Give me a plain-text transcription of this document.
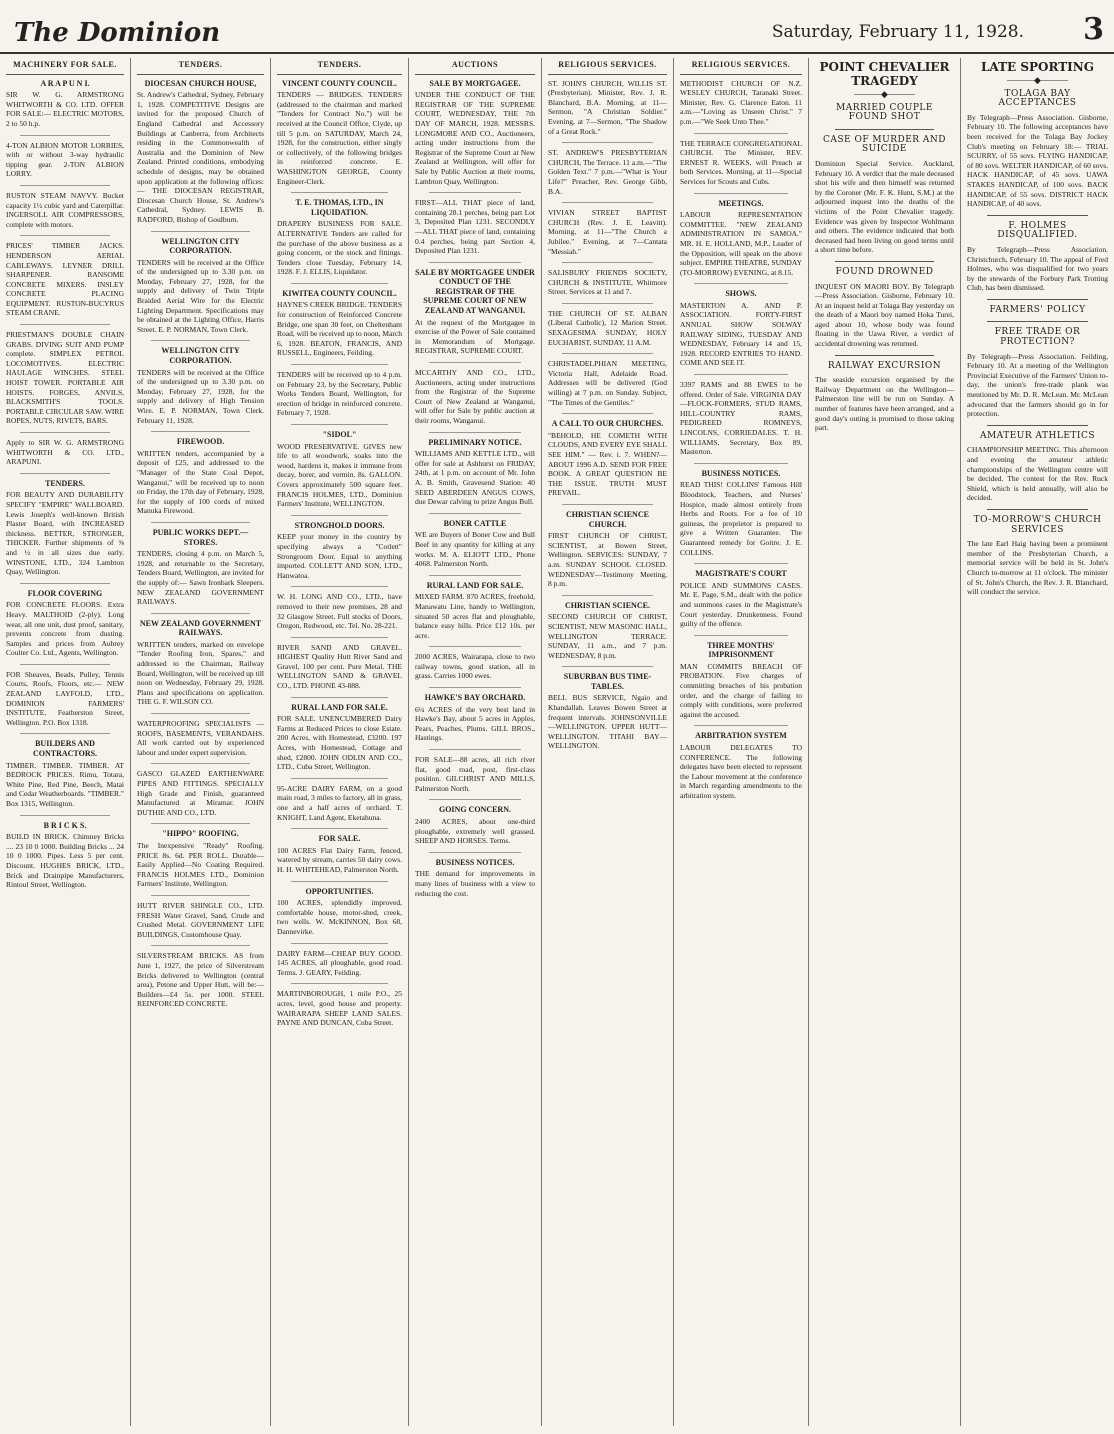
The Dominion	Saturday, February 11, 1928. 3
MACHINERY FOR SALE.
A R A P U N I.

SIR W. G. ARMSTRONG WHITWORTH & CO. LTD. OFFER FOR SALE:— ELECTRIC MOTORS, 2 to 50 h.p.

4-TON ALBION MOTOR LORRIES, with or without 3-way hydraulic tipping gear. 2-TON ALBION LORRY.

RUSTON STEAM NAVVY. Bucket capacity 1½ cubic yard and Caterpillar. INGERSOLL AIR COMPRESSORS, complete with motors.

PRICES' TIMBER JACKS. HENDERSON AERIAL CABLEWAYS. LEYNER DRILL SHARPENER. RANSOME CONCRETE MIXERS. INSLEY CONCRETE PLACING EQUIPMENT. RUSTON-BUCYRUS STEAM CRANE.

PRIESTMAN'S DOUBLE CHAIN GRABS. DIVING SUIT AND PUMP complete. SIMPLEX PETROL LOCOMOTIVES. ELECTRIC HAULAGE WINCHES. STEEL HOIST TOWER. PORTABLE AIR HOISTS. FORGES, ANVILS, BLACKSMITH'S TOOLS. PORTABLE CIRCULAR SAW. WIRE ROPES, NUTS, RIVETS, BARS.

Apply to SIR W. G. ARMSTRONG WHITWORTH & CO. LTD., ARAPUNI.

TENDERS.

FOR BEAUTY AND DURABILITY SPECIFY "EMPIRE" WALLBOARD. Lewis Joseph's well-known British Plaster Board, with INCREASED thickness. BETTER, STRONGER, THICKER. Further shipments of ⅜ and ½ in all sizes due early. WINSTONE, LTD., 324 Lambton Quay, Wellington.

FLOOR COVERING

FOR CONCRETE FLOORS. Extra Heavy. MALTHOID (2-ply). Long wear, all one unit, dust proof, sanitary, prevents concrete from dusting. Samples and prices from Aubrey Coulter Co. Ltd., Agents, Wellington.

FOR Sheaves, Beads, Pulley, Tennis Courts, Roofs, Floors, etc.— NEW ZEALAND LAYFOLD, LTD., DOMINION FARMERS' INSTITUTE, Featherston Street, Wellington. P.O. Box 1318.

BUILDERS AND CONTRACTORS.

TIMBER. TIMBER. TIMBER. AT BEDROCK PRICES. Rimu, Totara, White Pine, Red Pine, Beech, Matai and Cedar Weatherboards. "TIMBER." Box 1315, Wellington.

B R I C K S.

BUILD IN BRICK. Chimney Bricks .... 23 10 0 1000. Building Bricks ... 24 10 0 1000. Pipes. Less 5 per cent. Discount. HUGHES BRICK, LTD., Brick and Drainpipe Manufacturers, Rintoul Street, Wellington.

TENDERS.
DIOCESAN CHURCH HOUSE,

St. Andrew's Cathedral, Sydney, February 1, 1928. COMPETITIVE Designs are invited for the proposed Church of England Cathedral and Accessory Buildings at Canberra, from Architects residing in the Commonwealth of Australia and the Dominion of New Zealand. Printed conditions, embodying schedule of designs, may be obtained upon application at the following offices:— THE DIOCESAN REGISTRAR, Diocesan Church House, St. Andrew's Cathedral, Sydney. LEWIS B. RADFORD, Bishop of Goulburn.

WELLINGTON CITY CORPORATION.

TENDERS will be received at the Office of the undersigned up to 3.30 p.m. on Monday, February 27, 1928, for the supply and delivery of Twin Triple Braided Aerial Wire for the Electric Lighting Department. Specifications may be obtained at the Lighting Office, Harris Street. E. P. NORMAN, Town Clerk.

WELLINGTON CITY CORPORATION.

TENDERS will be received at the Office of the undersigned up to 3.30 p.m. on Monday, February 27, 1928, for the supply and delivery of High Tension Wire. E. P. NORMAN, Town Clerk. February 11, 1928.

FIREWOOD.

WRITTEN tenders, accompanied by a deposit of £25, and addressed to the "Manager of the State Coal Depot, Wanganui," will be received up to noon on Friday, the 17th day of February, 1928, for the supply of 100 cords of mixed Manuka Firewood.

PUBLIC WORKS DEPT.—STORES.

TENDERS, closing 4 p.m. on March 5, 1928, and returnable to the Secretary, Tenders Board, Wellington, are invited for the supply of:— Sawn Ironbark Sleepers. NEW ZEALAND GOVERNMENT RAILWAYS.

NEW ZEALAND GOVERNMENT RAILWAYS.

WRITTEN tenders, marked on envelope "Tender Roofing Iron, Spares," and addressed to the Chairman, Railway Board, Wellington, will be received up till noon on Wednesday, February 29, 1928. Plans and specifications on application. THE G. F. WILSON CO.

WATERPROOFING SPECIALISTS — ROOFS, BASEMENTS, VERANDAHS. All work carried out by experienced labour and under expert supervision.

GASCO GLAZED EARTHENWARE PIPES AND FITTINGS. SPECIALLY High Grade and Finish, guaranteed Manufactured at Miramar. JOHN DUTHIE AND CO., LTD.

"HIPPO" ROOFING.

The Inexpensive "Ready" Roofing. PRICE 8s. 6d. PER ROLL. Durable—Easily Applied—No Coating Required. FRANCIS HOLMES LTD., Dominion Farmers' Institute, Wellington.

HUTT RIVER SHINGLE CO., LTD. FRESH Water Gravel, Sand, Crude and Crushed Metal. GOVERNMENT LIFE BUILDINGS, Customhouse Quay.

SILVERSTREAM BRICKS. AS from June 1, 1927, the price of Silverstream Bricks delivered to Wellington (central area), Petone and Upper Hutt, will be:— Builders—£4 5s. per 1000. STEEL REINFORCED CONCRETE.

TENDERS.
VINCENT COUNTY COUNCIL.

TENDERS — BRIDGES. TENDERS (addressed to the chairman and marked "Tenders for Contract No.") will be received at the Council Office, Clyde, up till 5 p.m. on SATURDAY, March 24, 1928, for the construction, either singly or collectively, of the following bridges in reinforced concrete. E. WASHINGTON GEORGE, County Engineer-Clerk.

T. E. THOMAS, LTD., IN LIQUIDATION.

DRAPERY BUSINESS FOR SALE. ALTERNATIVE Tenders are called for the purchase of the above business as a going concern, or the stock and fittings. Tenders close Tuesday, February 14, 1928. F. J. ELLIS, Liquidator.

KIWITEA COUNTY COUNCIL.

HAYNE'S CREEK BRIDGE. TENDERS for construction of Reinforced Concrete Bridge, one span 30 feet, on Cheltenham Road, will be received up to noon, March 6, 1928. BEATON, FRANCIS, AND RUSSELL, Engineers, Feilding.

TENDERS will be received up to 4 p.m. on February 23, by the Secretary, Public Works Tenders Board, Wellington, for erection of bridge in reinforced concrete. February 7, 1928.

"SIDOL"

WOOD PRESERVATIVE. GIVES new life to all woodwork, soaks into the wood, hardens it, makes it immune from decay, borer, and vermin. 8s. GALLON. Covers approximately 500 square feet. FRANCIS HOLMES, LTD., Dominion Farmers' Institute, WELLINGTON.

STRONGHOLD DOORS.

KEEP your money in the country by specifying always a "Cotlett" Strongroom Door. Equal to anything imported. COLLETT AND SON, LTD., Hanwatoa.

W. H. LONG AND CO., LTD., have removed to their new premises, 28 and 32 Glasgow Street. Full stocks of Doors, Oregon, Redwood, etc. Tel. No. 28-221.

RIVER SAND AND GRAVEL. HIGHEST Quality Hutt River Sand and Gravel, 100 per cent. Pure Metal. THE WELLINGTON SAND & GRAVEL CO., LTD. PHONE 43-888.

RURAL LAND FOR SALE.

FOR SALE. UNENCUMBERED Dairy Farms at Reduced Prices to close Estate. 200 Acres, with Homestead, £3200. 197 Acres, with Homestead, Cottage and shed, £2800. JOHN ODLIN AND CO., LTD., Cuba Street, Wellington.

95-ACRE DAIRY FARM, on a good main road, 3 miles to factory, all in grass, one and a half acres of orchard. T. KNIGHT, Land Agent, Eketahuna.

FOR SALE.

100 ACRES Flat Dairy Farm, fenced, watered by stream, carries 50 dairy cows. H. H. WHITEHEAD, Palmerston North.

OPPORTUNITIES.

100 ACRES, splendidly improved, comfortable house, motor-shed, creek, two wells. W. McKINNON, Box 68, Dannevirke.

DAIRY FARM—CHEAP BUY GOOD. 145 ACRES, all ploughable, good road. Terms. J. GEARY, Feilding.

MARTINBOROUGH, 1 mile P.O., 25 acres, level, good house and property. WAIRARAPA SHEEP LAND SALES. PAYNE AND DUNCAN, Cuba Street.

AUCTIONS
SALE BY MORTGAGEE.

UNDER THE CONDUCT OF THE REGISTRAR OF THE SUPREME COURT, WEDNESDAY, THE 7th DAY OF MARCH, 1928. MESSRS. LONGMORE AND CO., Auctioneers, acting under instructions from the Registrar of the Supreme Court at New Zealand at Wellington, will offer for Sale by Public Auction at their rooms, Lambton Quay, Wellington.

FIRST—ALL THAT piece of land, containing 28.1 perches, being part Lot 3, Deposited Plan 1231. SECONDLY—ALL THAT piece of land, containing 0.4 perches, being part Section 4, Deposited Plan 1231.

SALE BY MORTGAGEE UNDER CONDUCT OF THE REGISTRAR OF THE SUPREME COURT OF NEW ZEALAND AT WANGANUI.

At the request of the Mortgagee in exercise of the Power of Sale contained in Memorandum of Mortgage. REGISTRAR, SUPREME COURT.

MCCARTHY AND CO., LTD., Auctioneers, acting under instructions from the Registrar of the Supreme Court of New Zealand at Wanganui, will offer for Sale by public auction at their rooms, Wanganui.

PRELIMINARY NOTICE.

WILLIAMS AND KETTLE LTD., will offer for sale at Ashhurst on FRIDAY, 24th, at 1 p.m. on account of Mr. John A. B. Smith, Gravesend Station: 40 SEED ABERDEEN ANGUS COWS, due Dewar calving to prize Angus Bull.

BONER CATTLE

WE are Buyers of Boner Cow and Bull Beef in any quantity for killing at any works. M. A. ELIOTT LTD., Phone 4068. Palmerston North.

RURAL LAND FOR SALE.

MIXED FARM. 870 ACRES, freehold, Manawatu Line, handy to Wellington, situated 50 acres flat and ploughable, balance easy hills. Price £12 10s. per acre.

2000 ACRES, Wairarapa, close to two railway towns, good station, all in grass. Carries 1000 ewes.

HAWKE'S BAY ORCHARD.

6¼ ACRES of the very best land in Hawke's Bay, about 5 acres in Apples, Pears, Peaches, Plums. GILL BROS., Hastings.

FOR SALE—88 acres, all rich river flat, good road, post, first-class position. GILCHRIST AND MILLS, Palmerston North.

GOING CONCERN.

2400 ACRES, about one-third ploughable, extremely well grassed. SHEEP AND HORSES. Terms.

BUSINESS NOTICES.

THE demand for improvements in many lines of business with a view to reducing the cost.

RELIGIOUS SERVICES.

ST. JOHN'S CHURCH, WILLIS ST. (Presbyterian). Minister, Rev. J. R. Blanchard, B.A. Morning, at 11—Sermon, "A Christian Soldier." Evening, at 7—Sermon, "The Shadow of a Great Rock."

ST. ANDREW'S PRESBYTERIAN CHURCH, The Terrace. 11 a.m.—"The Golden Text." 7 p.m.—"What is Your Life?" Preacher, Rev. George Gibb, B.A.

VIVIAN STREET BAPTIST CHURCH (Rev. J. E. Leavitt). Morning, at 11—"The Church a Jubilee." Evening, at 7—Cantata "Messiah."

SALISBURY FRIENDS SOCIETY, CHURCH & INSTITUTE, Whitmore Street. Services at 11 and 7.

THE CHURCH OF ST. ALBAN (Liberal Catholic), 12 Marion Street. SEXAGESIMA SUNDAY, HOLY EUCHARIST, SUNDAY, 11 A.M.

CHRISTADELPHIAN MEETING, Victoria Hall, Adelaide Road. Addresses will be delivered (God willing) at 7 p.m. on Sunday. Subject, "The Times of the Gentiles."

A CALL TO OUR CHURCHES.

"BEHOLD, HE COMETH WITH CLOUDS, AND EVERY EYE SHALL SEE HIM." — Rev. i. 7. WHEN?—ABOUT 1996 A.D. SEND FOR FREE BOOK. A GREAT QUESTION BE THE ISSUE. TRUTH MUST PREVAIL.

CHRISTIAN SCIENCE CHURCH.

FIRST CHURCH OF CHRIST, SCIENTIST, at Bowen Street, Wellington. SERVICES: SUNDAY, 7 a.m. SUNDAY SCHOOL CLOSED. WEDNESDAY—Testimony Meeting, 8 p.m.

CHRISTIAN SCIENCE.

SECOND CHURCH OF CHRIST, SCIENTIST, NEW MASONIC HALL, WELLINGTON TERRACE. SUNDAY, 11 a.m., and 7 p.m. WEDNESDAY, 8 p.m.

SUBURBAN BUS TIME-TABLES.

BELL BUS SERVICE, Ngaio and Khandallah. Leaves Bowen Street at frequent intervals. JOHNSONVILLE—WELLINGTON. UPPER HUTT—WELLINGTON. TITAHI BAY—WELLINGTON.

RELIGIOUS SERVICES.

METHODIST CHURCH OF N.Z. WESLEY CHURCH, Taranaki Street. Minister, Rev. G. Clarence Eaton. 11 a.m.—"Loving as Unseen Christ." 7 p.m.—"We Seek Unto Thee."

THE TERRACE CONGREGATIONAL CHURCH. The Minister, REV. ERNEST R. WEEKS, will Preach at both Services. Morning, at 11—Special Services for Scouts and Cubs.

MEETINGS.

LABOUR REPRESENTATION COMMITTEE. "NEW ZEALAND ADMINISTRATION IN SAMOA." MR. H. E. HOLLAND, M.P., Leader of the Opposition, will speak on the above subject. EMPIRE THEATRE, SUNDAY (TO-MORROW) EVENING, at 8.15.

SHOWS.

MASTERTON A. AND P. ASSOCIATION. FORTY-FIRST ANNUAL SHOW SOLWAY RAILWAY SIDING, TUESDAY AND WEDNESDAY, February 14 and 15, 1928. RECORD ENTRIES TO HAND. COME AND SEE IT.

3397 RAMS and 88 EWES to be offered. Order of Sale. VIRGINIA DAY—FLOCK-FORMERS, STUD RAMS, HILL-COUNTRY RAMS, PEDIGREED ROMNEYS, LINCOLNS, CORRIEDALES. T. H. WILLIAMS, Secretary, Box 89, Masterton.

BUSINESS NOTICES.

READ THIS! COLLINS' Famous Hill Bloodstock, Teachers, and Nurses' Hospice, made almost entirely from Herbs and Roots. For a fee of 10 guineas, the proprietor is prepared to give a Written Guarantee. The Guaranteed remedy for Goitre. J. E. COLLINS.

MAGISTRATE'S COURT

POLICE AND SUMMONS CASES. Mr. E. Page, S.M., dealt with the police and summons cases in the Magistrate's Court yesterday. Drunkenness. Found guilty of the offence.

THREE MONTHS' IMPRISONMENT

MAN COMMITS BREACH OF PROBATION. Five charges of committing breaches of his probation order, and the charge of failing to comply with conditions, were preferred against the accused.

ARBITRATION SYSTEM

LABOUR DELEGATES TO CONFERENCE. The following delegates have been elected to represent the Labour movement at the conference in March regarding amendments to the arbitration system.

POINT CHEVALIER TRAGEDY
———◆———
MARRIED COUPLE FOUND SHOT
CASE OF MURDER AND SUICIDE

Dominion Special Service. Auckland, February 10. A verdict that the male deceased shot his wife and then himself was returned by the Coroner (Mr. F. K. Hunt, S.M.) at the adjourned inquest into the deaths of the victims of the Point Chevalier tragedy. Evidence was given by Inspector Wohlmann and others. The evidence indicated that both deceased had been living on good terms until a short time before.

FOUND DROWNED

INQUEST ON MAORI BOY. By Telegraph—Press Association. Gisborne, February 10. At an inquest held at Tolaga Bay yesterday on the death of a Maori boy named Hoka Turei, aged about 10, whose body was found floating in the Uawa River, a verdict of accidental drowning was returned.

RAILWAY EXCURSION

The seaside excursion organised by the Railway Department on the Wellington—Palmerston line will be run on Sunday. A number of features have been arranged, and a good day's outing is promised to those taking part.

LATE SPORTING
———◆———
TOLAGA BAY ACCEPTANCES

By Telegraph—Press Association. Gisborne, February 10. The following acceptances have been received for the Tolaga Bay Jockey Club's meeting on February 18:— TRIAL SCURRY, of 55 sovs. FLYING HANDICAP, of 80 sovs. WELTER HANDICAP, of 60 sovs. HACK HANDICAP, of 45 sovs. UAWA STAKES HANDICAP, of 100 sovs. BACK HANDICAP, of 55 sovs. DISTRICT HACK HANDICAP, of 40 sovs.

F. HOLMES DISQUALIFIED.

By Telegraph—Press Association. Christchurch, February 10. The appeal of Fred Holmes, who was disqualified for two years by the stewards of the Forbury Park Trotting Club, has been dismissed.

FARMERS' POLICY
FREE TRADE OR PROTECTION?

By Telegraph—Press Association. Feilding, February 10. At a meeting of the Wellington Provincial Executive of the Farmers' Union to-day, the union's free-trade plank was mentioned by Mr. D. R. McLean. Mr. McLean advocated that the farmers should go in for protection.

AMATEUR ATHLETICS

CHAMPIONSHIP MEETING. This afternoon and evening the amateur athletic championships of the Wellington centre will be decided. The contest for the Rev. Ruck Shield, which is held annually, will also be decided.

TO-MORROW'S CHURCH SERVICES

The late Earl Haig having been a prominent member of the Presbyterian Church, a memorial service will be held in St. John's Church to-morrow at 11 o'clock. The minister of St. John's Church, the Rev. J. R. Blanchard, will conduct the service.
